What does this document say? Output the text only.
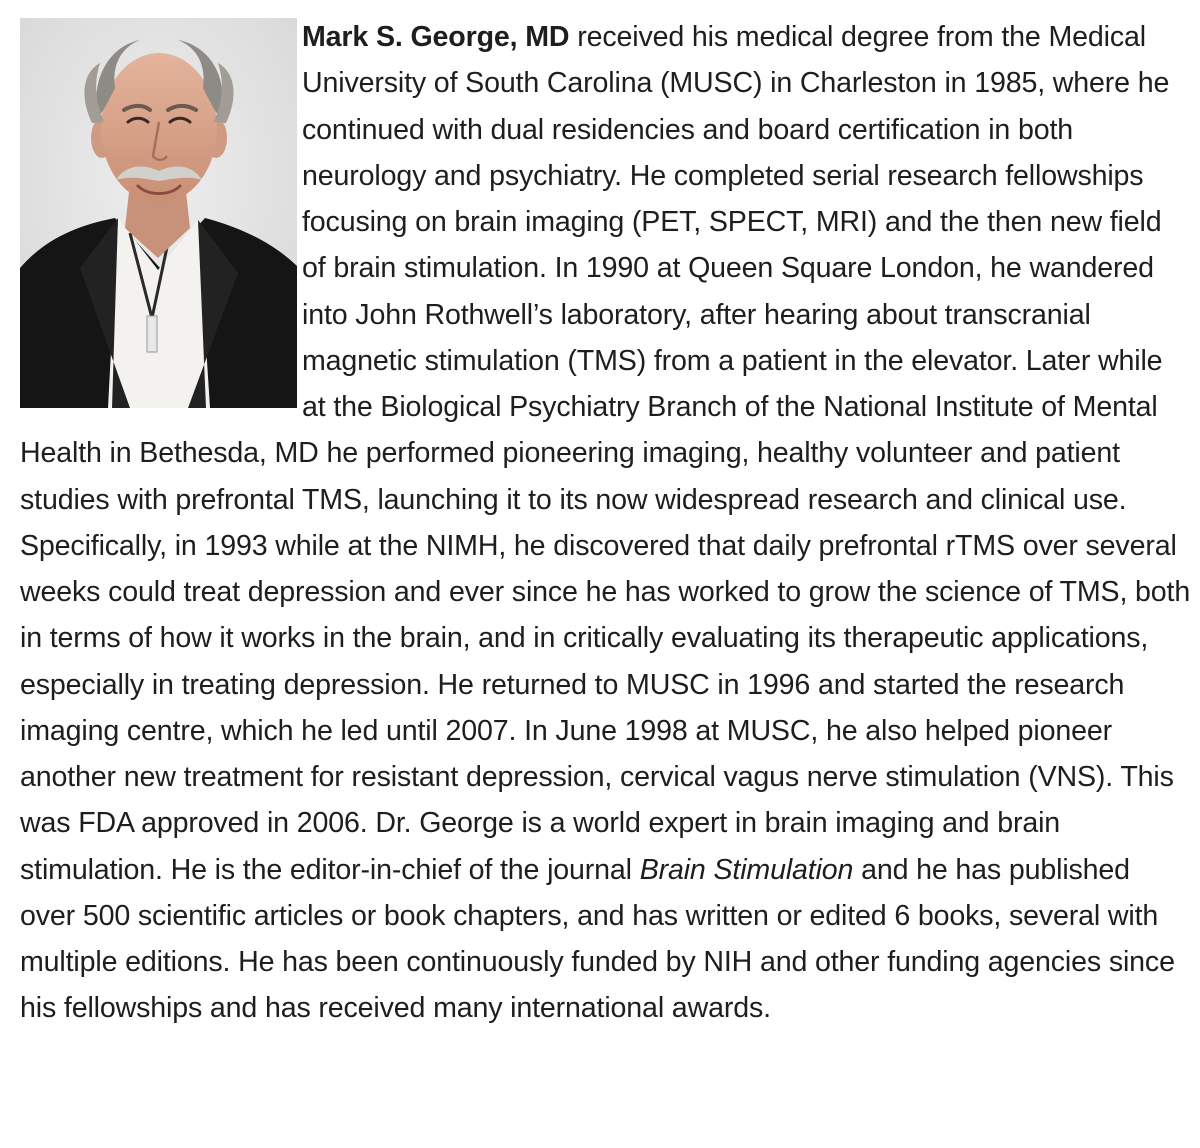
Mark S. George, MD received his medical degree from the Medical University of South Carolina (MUSC) in Charleston in 1985, where he continued with dual residencies and board certification in both neurology and psychiatry. He completed serial research fellowships focusing on brain imaging (PET, SPECT, MRI) and the then new field of brain stimulation. In 1990 at Queen Square London, he wandered into John Rothwell’s laboratory, after hearing about transcranial magnetic stimulation (TMS) from a patient in the elevator. Later while at the Biological Psychiatry Branch of the National Institute of Mental Health in Bethesda, MD he performed pioneering imaging, healthy volunteer and patient studies with prefrontal TMS, launching it to its now widespread research and clinical use. Specifically, in 1993 while at the NIMH, he discovered that daily prefrontal rTMS over several weeks could treat depression and ever since he has worked to grow the science of TMS, both in terms of how it works in the brain, and in critically evaluating its therapeutic applications, especially in treating depression. He returned to MUSC in 1996 and started the research imaging centre, which he led until 2007. In June 1998 at MUSC, he also helped pioneer another new treatment for resistant depression, cervical vagus nerve stimulation (VNS). This was FDA approved in 2006. Dr. George is a world expert in brain imaging and brain stimulation. He is the editor-in-chief of the journal Brain Stimulation and he has published over 500 scientific articles or book chapters, and has written or edited 6 books, several with multiple editions. He has been continuously funded by NIH and other funding agencies since his fellowships and has received many international awards.
